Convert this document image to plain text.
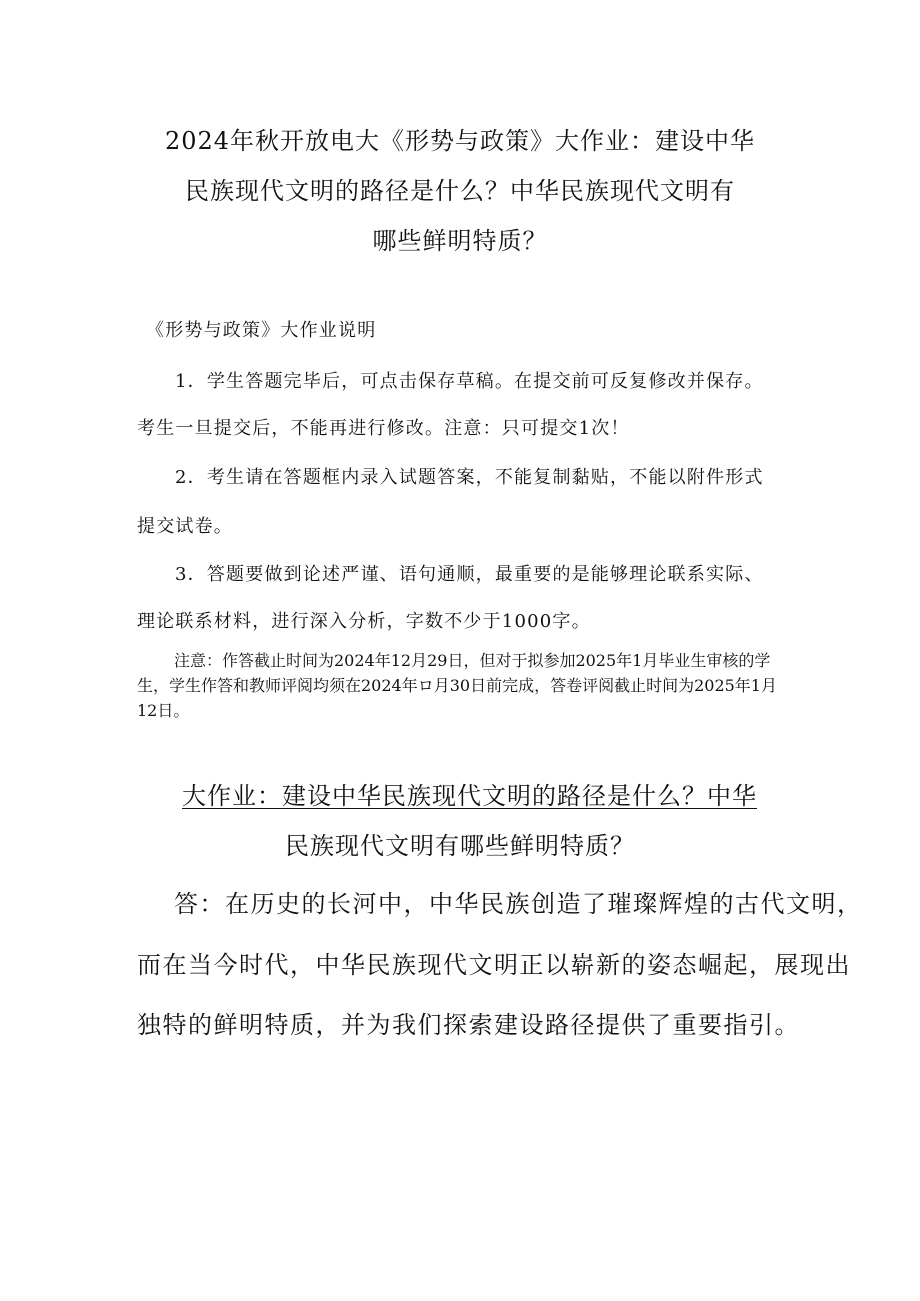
2024年秋开放电大《形势与政策》大作业：建设中华
民族现代文明的路径是什么？中华民族现代文明有
哪些鲜明特质？
《形势与政策》大作业说明
1．学生答题完毕后，可点击保存草稿。在提交前可反复修改并保存。
考生一旦提交后，不能再进行修改。注意：只可提交1次！
2．考生请在答题框内录入试题答案，不能复制黏贴，不能以附件形式
提交试卷。
3．答题要做到论述严谨、语句通顺，最重要的是能够理论联系实际、
理论联系材料，进行深入分析，字数不少于1000字。
注意：作答截止时间为2024年12月29日，但对于拟参加2025年1月毕业生审核的学生，学生作答和教师评阅均须在2024年ロ月30日前完成，答卷评阅截止时间为2025年1月12日。
大作业：建设中华民族现代文明的路径是什么？中华
民族现代文明有哪些鲜明特质？
答：在历史的长河中，中华民族创造了璀璨辉煌的古代文明，
而在当今时代，中华民族现代文明正以崭新的姿态崛起，展现出
独特的鲜明特质，并为我们探索建设路径提供了重要指引。
